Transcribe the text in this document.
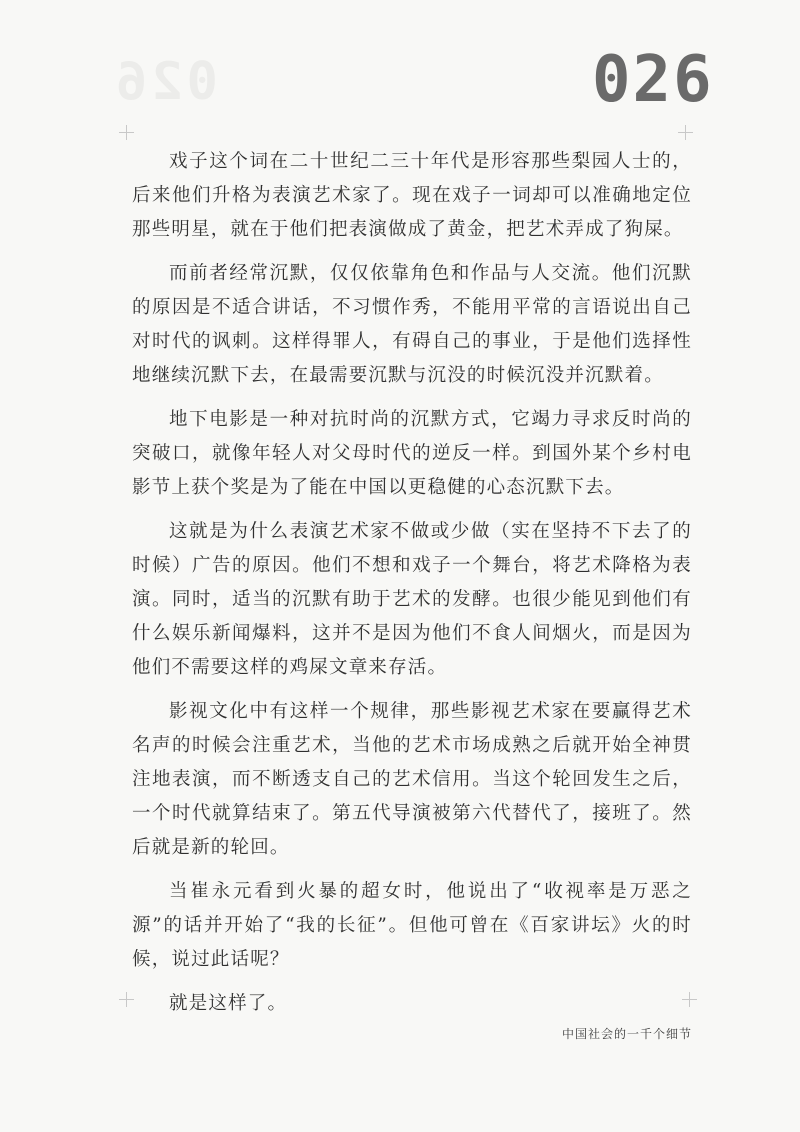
026	026

戏子这个词在二十世纪二三十年代是形容那些梨园人士的，后来他们升格为表演艺术家了。现在戏子一词却可以准确地定位那些明星，就在于他们把表演做成了黄金，把艺术弄成了狗屎。

而前者经常沉默，仅仅依靠角色和作品与人交流。他们沉默的原因是不适合讲话，不习惯作秀，不能用平常的言语说出自己对时代的讽刺。这样得罪人，有碍自己的事业，于是他们选择性地继续沉默下去，在最需要沉默与沉没的时候沉没并沉默着。

地下电影是一种对抗时尚的沉默方式，它竭力寻求反时尚的突破口，就像年轻人对父母时代的逆反一样。到国外某个乡村电影节上获个奖是为了能在中国以更稳健的心态沉默下去。

这就是为什么表演艺术家不做或少做（实在坚持不下去了的时候）广告的原因。他们不想和戏子一个舞台，将艺术降格为表演。同时，适当的沉默有助于艺术的发酵。也很少能见到他们有什么娱乐新闻爆料，这并不是因为他们不食人间烟火，而是因为他们不需要这样的鸡屎文章来存活。

影视文化中有这样一个规律，那些影视艺术家在要赢得艺术名声的时候会注重艺术，当他的艺术市场成熟之后就开始全神贯注地表演，而不断透支自己的艺术信用。当这个轮回发生之后，一个时代就算结束了。第五代导演被第六代替代了，接班了。然后就是新的轮回。

当崔永元看到火暴的超女时，他说出了“收视率是万恶之源”的话并开始了“我的长征”。但他可曾在《百家讲坛》火的时候，说过此话呢？

就是这样了。

中国社会的一千个细节
